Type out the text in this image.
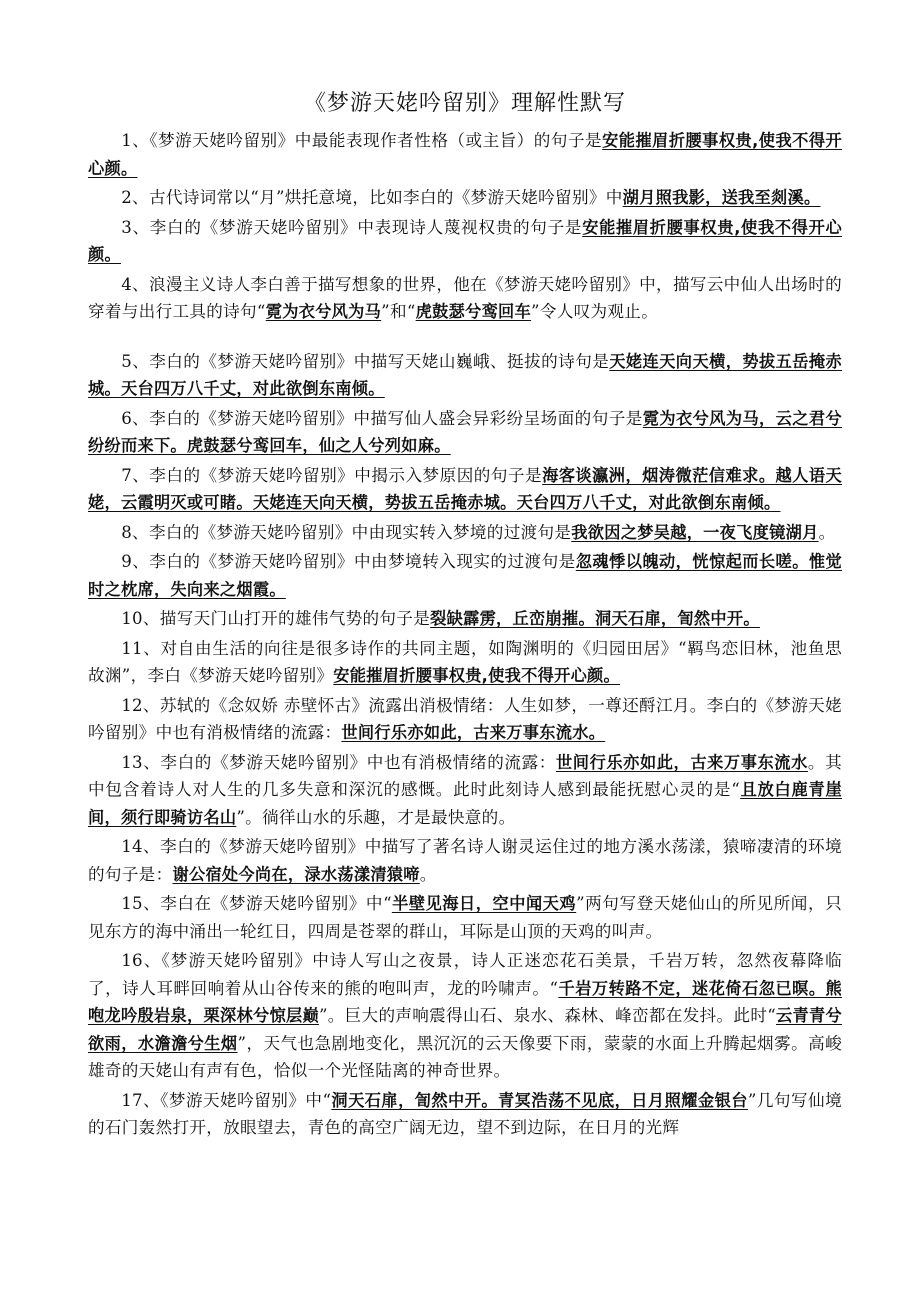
《梦游天姥吟留别》理解性默写

1、《梦游天姥吟留别》中最能表现作者性格（或主旨）的句子是安能摧眉折腰事权贵,使我不得开心颜。

2、古代诗词常以“月”烘托意境，比如李白的《梦游天姥吟留别》中湖月照我影，送我至剡溪。

3、李白的《梦游天姥吟留别》中表现诗人蔑视权贵的句子是安能摧眉折腰事权贵,使我不得开心颜。

4、浪漫主义诗人李白善于描写想象的世界，他在《梦游天姥吟留别》中，描写云中仙人出场时的穿着与出行工具的诗句“霓为衣兮风为马”和“虎鼓瑟兮鸾回车”令人叹为观止。

5、李白的《梦游天姥吟留别》中描写天姥山巍峨、挺拔的诗句是天姥连天向天横，势拔五岳掩赤城。天台四万八千丈，对此欲倒东南倾。

6、李白的《梦游天姥吟留别》中描写仙人盛会异彩纷呈场面的句子是霓为衣兮风为马，云之君兮纷纷而来下。虎鼓瑟兮鸾回车，仙之人兮列如麻。

7、李白的《梦游天姥吟留别》中揭示入梦原因的句子是海客谈瀛洲，烟涛微茫信难求。越人语天姥，云霞明灭或可睹。天姥连天向天横，势拔五岳掩赤城。天台四万八千丈，对此欲倒东南倾。

8、李白的《梦游天姥吟留别》中由现实转入梦境的过渡句是我欲因之梦吴越，一夜飞度镜湖月。

9、李白的《梦游天姥吟留别》中由梦境转入现实的过渡句是忽魂悸以魄动，恍惊起而长嗟。惟觉时之枕席，失向来之烟霞。

10、描写天门山打开的雄伟气势的句子是裂缺霹雳，丘峦崩摧。洞天石扉，訇然中开。

11、对自由生活的向往是很多诗作的共同主题，如陶渊明的《归园田居》“羁鸟恋旧林，池鱼思故渊”，李白《梦游天姥吟留别》安能摧眉折腰事权贵,使我不得开心颜。

12、苏轼的《念奴娇 赤壁怀古》流露出消极情绪：人生如梦，一尊还酹江月。李白的《梦游天姥吟留别》中也有消极情绪的流露：世间行乐亦如此，古来万事东流水。

13、李白的《梦游天姥吟留别》中也有消极情绪的流露：世间行乐亦如此，古来万事东流水。其中包含着诗人对人生的几多失意和深沉的感慨。此时此刻诗人感到最能抚慰心灵的是“且放白鹿青崖间，须行即骑访名山”。徜徉山水的乐趣，才是最快意的。

14、李白的《梦游天姥吟留别》中描写了著名诗人谢灵运住过的地方溪水荡漾，猿啼凄清的环境的句子是：谢公宿处今尚在，渌水荡漾清猿啼。

15、李白在《梦游天姥吟留别》中“半壁见海日，空中闻天鸡”两句写登天姥仙山的所见所闻，只见东方的海中涌出一轮红日，四周是苍翠的群山，耳际是山顶的天鸡的叫声。

16、《梦游天姥吟留别》中诗人写山之夜景，诗人正迷恋花石美景，千岩万转，忽然夜幕降临了，诗人耳畔回响着从山谷传来的熊的咆叫声，龙的吟啸声。“千岩万转路不定，迷花倚石忽已暝。熊咆龙吟殷岩泉，栗深林兮惊层巅”。巨大的声响震得山石、泉水、森林、峰峦都在发抖。此时“云青青兮欲雨，水澹澹兮生烟”，天气也急剧地变化，黑沉沉的云天像要下雨，蒙蒙的水面上升腾起烟雾。高峻雄奇的天姥山有声有色，恰似一个光怪陆离的神奇世界。

17、《梦游天姥吟留别》中“洞天石扉，訇然中开。青冥浩荡不见底，日月照耀金银台”几句写仙境的石门轰然打开，放眼望去，青色的高空广阔无边，望不到边际，在日月的光辉
